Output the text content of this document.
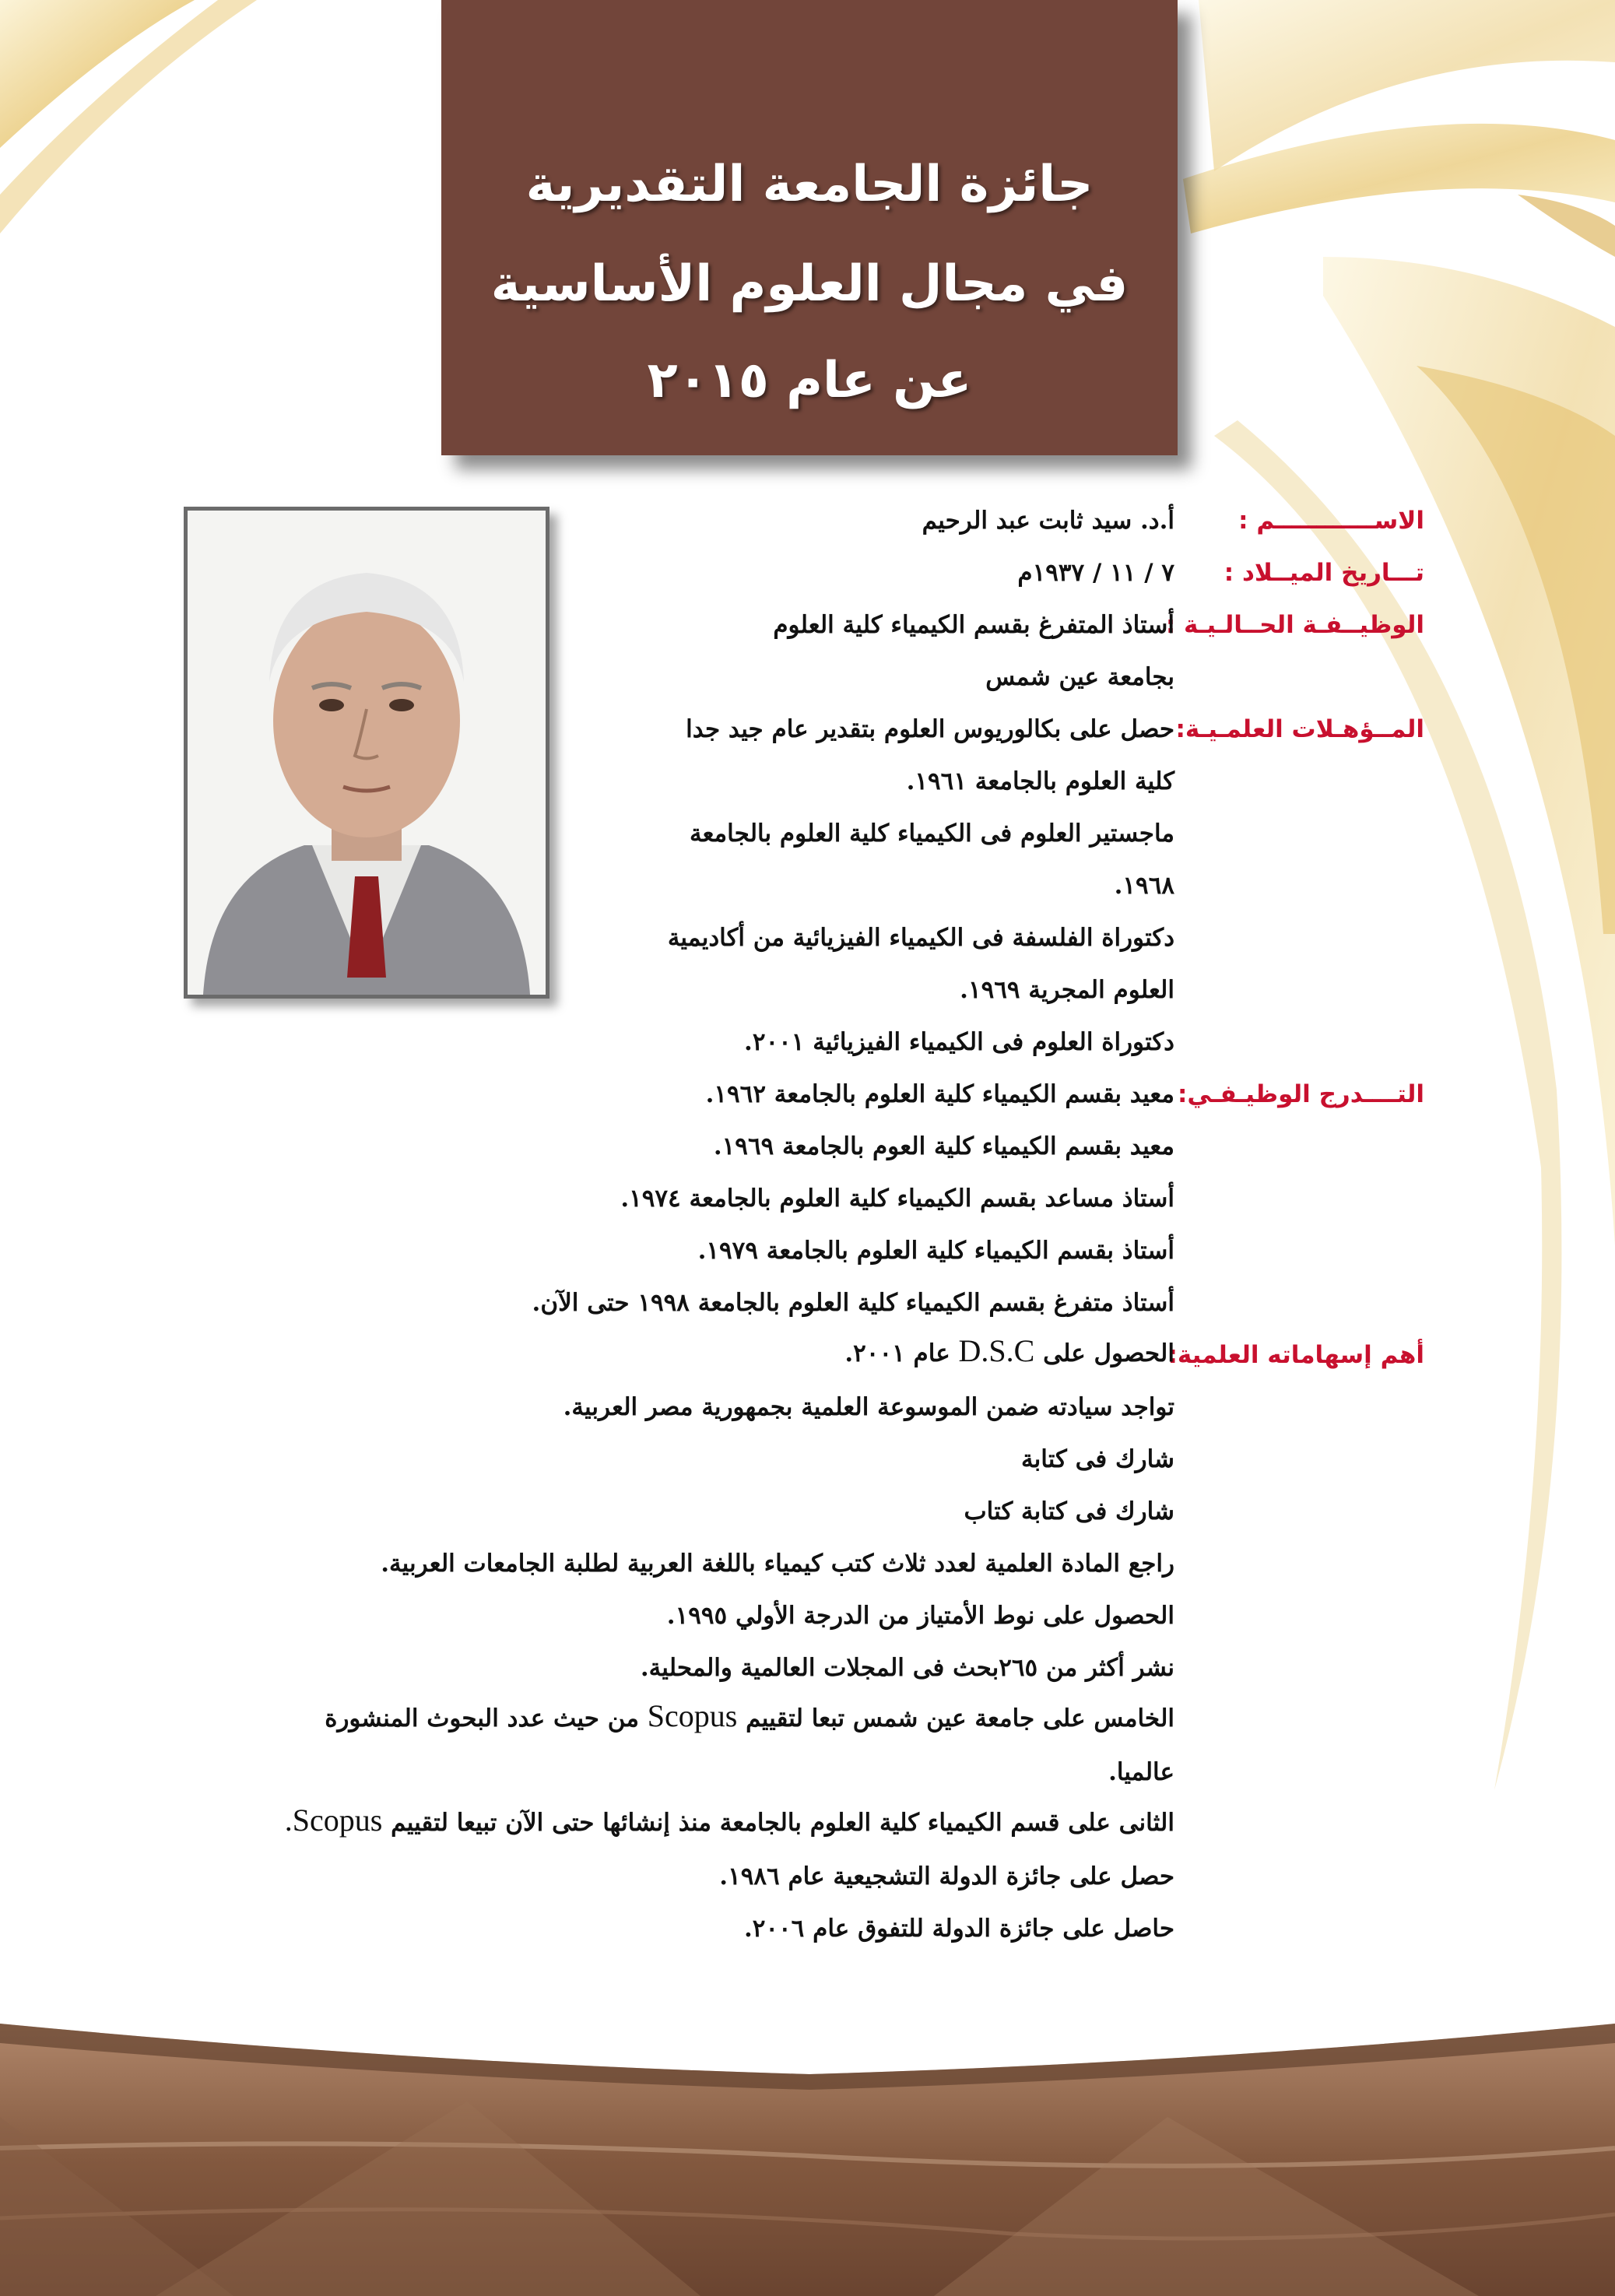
جائزة الجامعة التقديرية
في مجال العلوم الأساسية
عن عام ٢٠١٥
الاســــــــــــم :
أ.د. سيد ثابت عبد الرحيم
تـــاريخ الميــلاد :
٧ / ١١ / ١٩٣٧م
الوظيــفـة الحــالـيـة :
أستاذ المتفرغ بقسم الكيمياء كلية العلوم
بجامعة عين شمس
المــؤهـلات العلمـيـة:
حصل على بكالوريوس العلوم بتقدير عام جيد جدا
كلية العلوم بالجامعة ١٩٦١.
ماجستير العلوم فى الكيمياء كلية العلوم بالجامعة
١٩٦٨.
دكتوراة الفلسفة فى الكيمياء الفيزيائية من أكاديمية
العلوم المجرية ١٩٦٩.
دكتوراة العلوم فى الكيمياء الفيزيائية ٢٠٠١.
التــــدرج الوظيـفـي:
معيد بقسم الكيمياء كلية العلوم بالجامعة ١٩٦٢.
معيد بقسم الكيمياء كلية العوم بالجامعة ١٩٦٩.
أستاذ مساعد بقسم الكيمياء كلية العلوم بالجامعة ١٩٧٤.
أستاذ بقسم الكيمياء كلية العلوم بالجامعة ١٩٧٩.
أستاذ متفرغ بقسم الكيمياء كلية العلوم بالجامعة ١٩٩٨ حتى الآن.
أهم إسهاماته العلمية:
الحصول على D.S.C عام ٢٠٠١.
تواجد سيادته ضمن الموسوعة العلمية بجمهورية مصر العربية.
شارك فى كتابة
شارك فى كتابة كتاب
راجع المادة العلمية لعدد ثلاث كتب كيمياء باللغة العربية لطلبة الجامعات العربية.
الحصول على نوط الأمتياز من الدرجة الأولي ١٩٩٥.
نشر أكثر من ٢٦٥بحث فى المجلات العالمية والمحلية.
الخامس على جامعة عين شمس تبعا لتقييم Scopus من حيث عدد البحوث المنشورة
عالميا.
الثانى على قسم الكيمياء كلية العلوم بالجامعة منذ إنشائها حتى الآن تبيعا لتقييم Scopus.
حصل على جائزة الدولة التشجيعية عام ١٩٨٦.
حاصل على جائزة الدولة للتفوق عام ٢٠٠٦.
